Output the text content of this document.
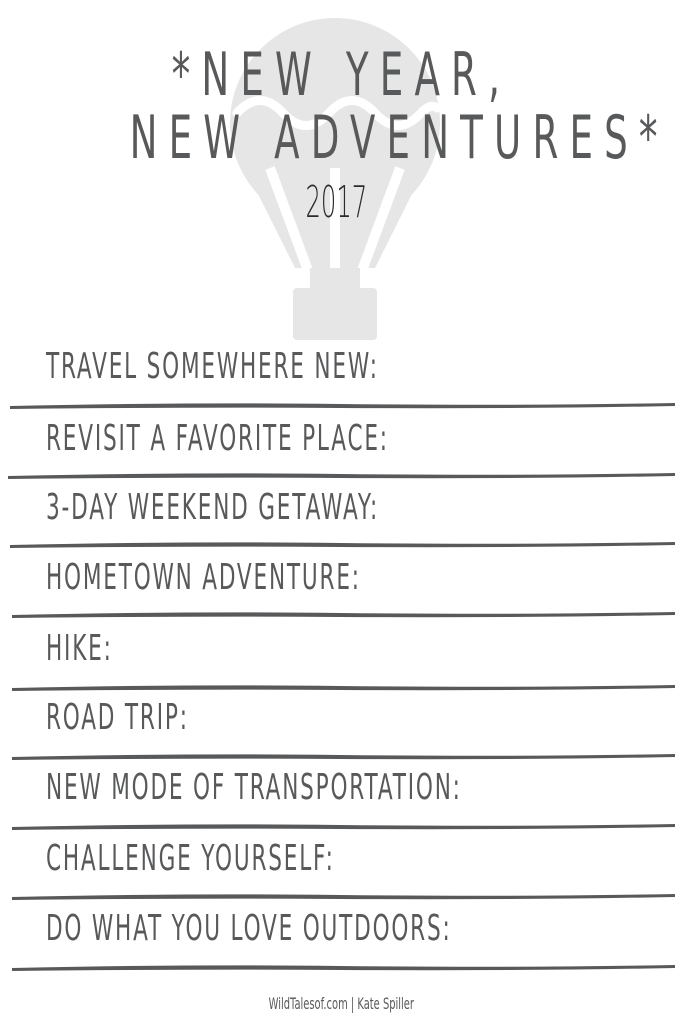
*NEW YEAR,
NEW ADVENTURES*
2017

TRAVEL SOMEWHERE NEW:

REVISIT A FAVORITE PLACE:

3-DAY WEEKEND GETAWAY:

HOMETOWN ADVENTURE:

HIKE:

ROAD TRIP:

NEW MODE OF TRANSPORTATION:

CHALLENGE YOURSELF:

DO WHAT YOU LOVE OUTDOORS:

WildTalesof.com | Kate Spiller
